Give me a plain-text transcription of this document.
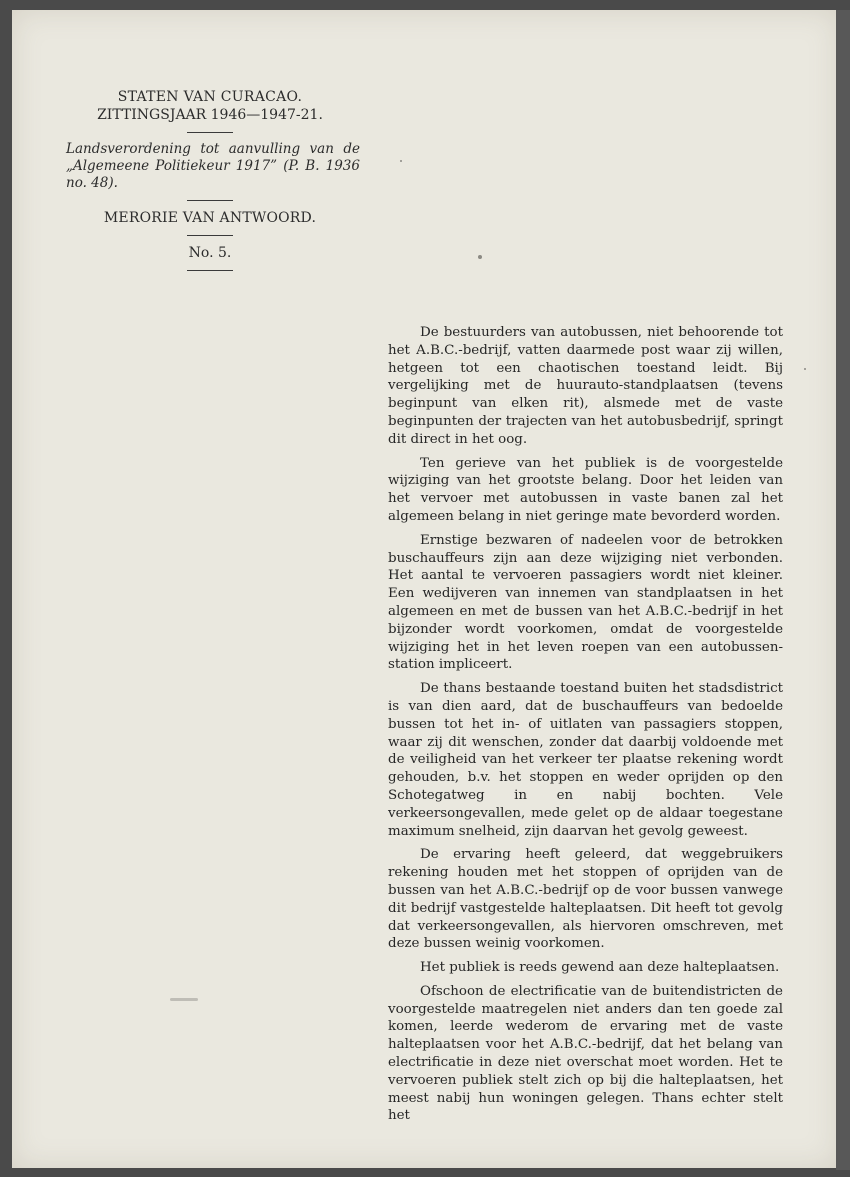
STATEN VAN CURACAO.
ZITTINGSJAAR 1946—1947-21.
Landsverordening tot aanvulling van de „Algemeene Politiekeur 1917” (P. B. 1936 no. 48).
MERORIE VAN ANTWOORD.
No. 5.

De bestuurders van autobussen, niet behoorende tot het A.B.C.-bedrijf, vatten daarmede post waar zij willen, hetgeen tot een chaotischen toestand leidt. Bij vergelijking met de huurauto-standplaatsen (tevens beginpunt van elken rit), alsmede met de vaste beginpunten der trajecten van het autobusbedrijf, springt dit direct in het oog.

Ten gerieve van het publiek is de voorgestelde wijziging van het grootste belang. Door het leiden van het vervoer met autobussen in vaste banen zal het algemeen belang in niet geringe mate bevorderd worden.

Ernstige bezwaren of nadeelen voor de betrokken buschauffeurs zijn aan deze wijziging niet verbonden. Het aantal te vervoeren passagiers wordt niet kleiner. Een wedijveren van innemen van standplaatsen in het algemeen en met de bussen van het A.B.C.-bedrijf in het bijzonder wordt voorkomen, omdat de voorgestelde wijziging het in het leven roepen van een autobussen-station impliceert.

De thans bestaande toestand buiten het stadsdistrict is van dien aard, dat de buschauffeurs van bedoelde bussen tot het in- of uitlaten van passagiers stoppen, waar zij dit wenschen, zonder dat daarbij voldoende met de veiligheid van het verkeer ter plaatse rekening wordt gehouden, b.v. het stoppen en weder oprijden op den Schotegatweg in en nabij bochten. Vele verkeersongevallen, mede gelet op de aldaar toegestane maximum snelheid, zijn daarvan het gevolg geweest.

De ervaring heeft geleerd, dat weggebruikers rekening houden met het stoppen of oprijden van de bussen van het A.B.C.-bedrijf op de voor bussen vanwege dit bedrijf vastgestelde halteplaatsen. Dit heeft tot gevolg dat verkeersongevallen, als hiervoren omschreven, met deze bussen weinig voorkomen.

Het publiek is reeds gewend aan deze halteplaatsen.

Ofschoon de electrificatie van de buitendistricten de voorgestelde maatregelen niet anders dan ten goede zal komen, leerde wederom de ervaring met de vaste halteplaatsen voor het A.B.C.-bedrijf, dat het belang van electrificatie in deze niet overschat moet worden. Het te vervoeren publiek stelt zich op bij die halteplaatsen, het meest nabij hun woningen gelegen. Thans echter stelt het
